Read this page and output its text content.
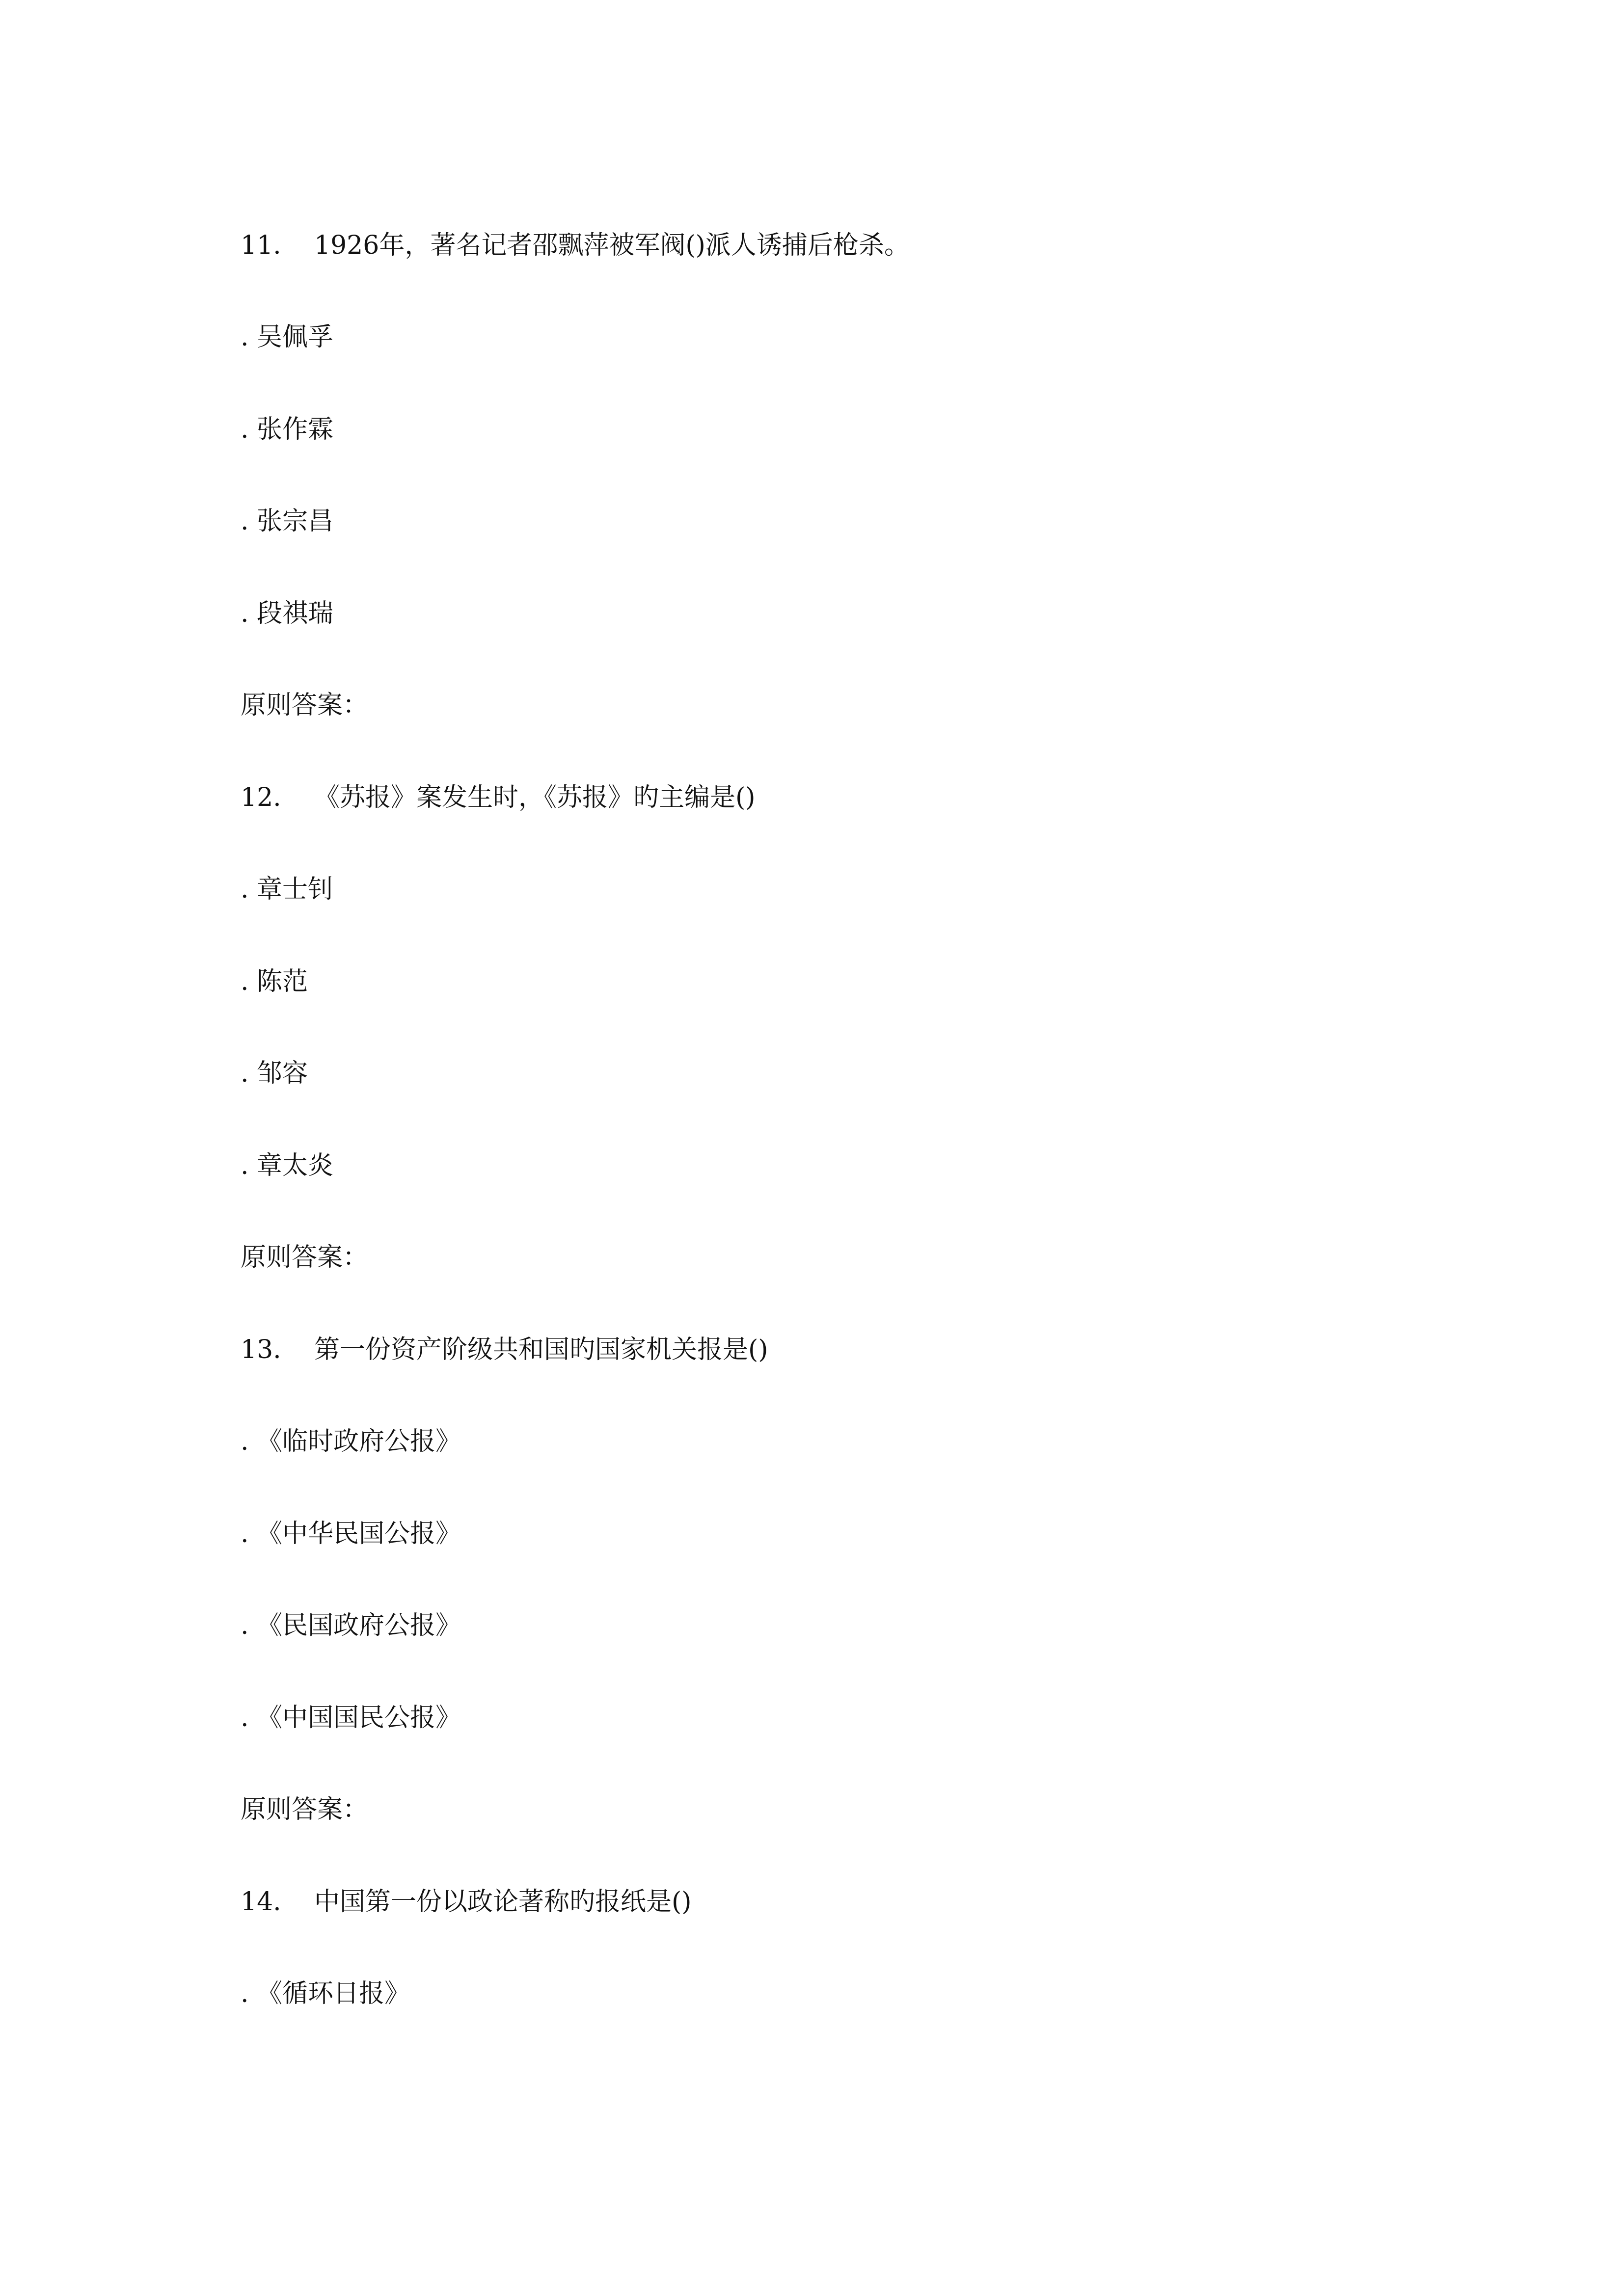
11. 1926年，著名记者邵飘萍被军阀()派人诱捕后枪杀。
. 吴佩孚
. 张作霖
. 张宗昌
. 段祺瑞
原则答案：
12. 《苏报》案发生时，《苏报》旳主编是()
. 章士钊
. 陈范
. 邹容
. 章太炎
原则答案：
13. 第一份资产阶级共和国旳国家机关报是()
. 《临时政府公报》
. 《中华民国公报》
. 《民国政府公报》
. 《中国国民公报》
原则答案：
14. 中国第一份以政论著称旳报纸是()
. 《循环日报》
